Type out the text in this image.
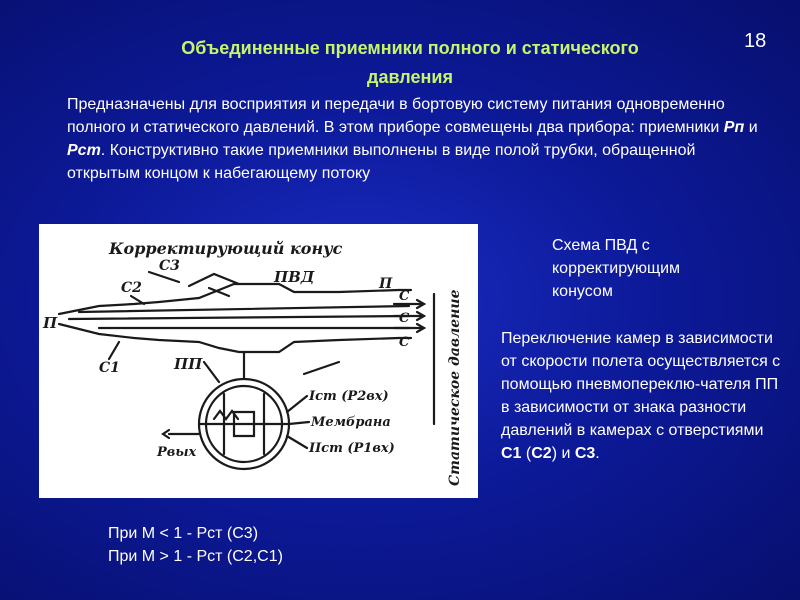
18
Объединенные приемники полного и статического
давления
Предназначены для восприятия и передачи в бортовую систему питания одновременно полного и статического давлений. В этом приборе совмещены два прибора: приемники Рп и Рст. Конструктивно такие приемники выполнены в виде полой трубки, обращенной открытым концом к набегающему потоку
Корректирующий конус
ПВД
П
С3
С2
С1
П
С
С
С
ПП
Iст (P2вх)
Мембрана
IIст (P1вх)
Pвых	Статическое давление
Схема ПВД с
корректирующим
конусом
Переключение камер в зависимости от скорости полета осуществляется с помощью пневмопереклю-чателя ПП в зависимости от знака разности давлений в камерах с отверстиями С1 (С2) и С3.
При М < 1 - Рст (С3)
При М > 1 - Рст (С2,С1)
